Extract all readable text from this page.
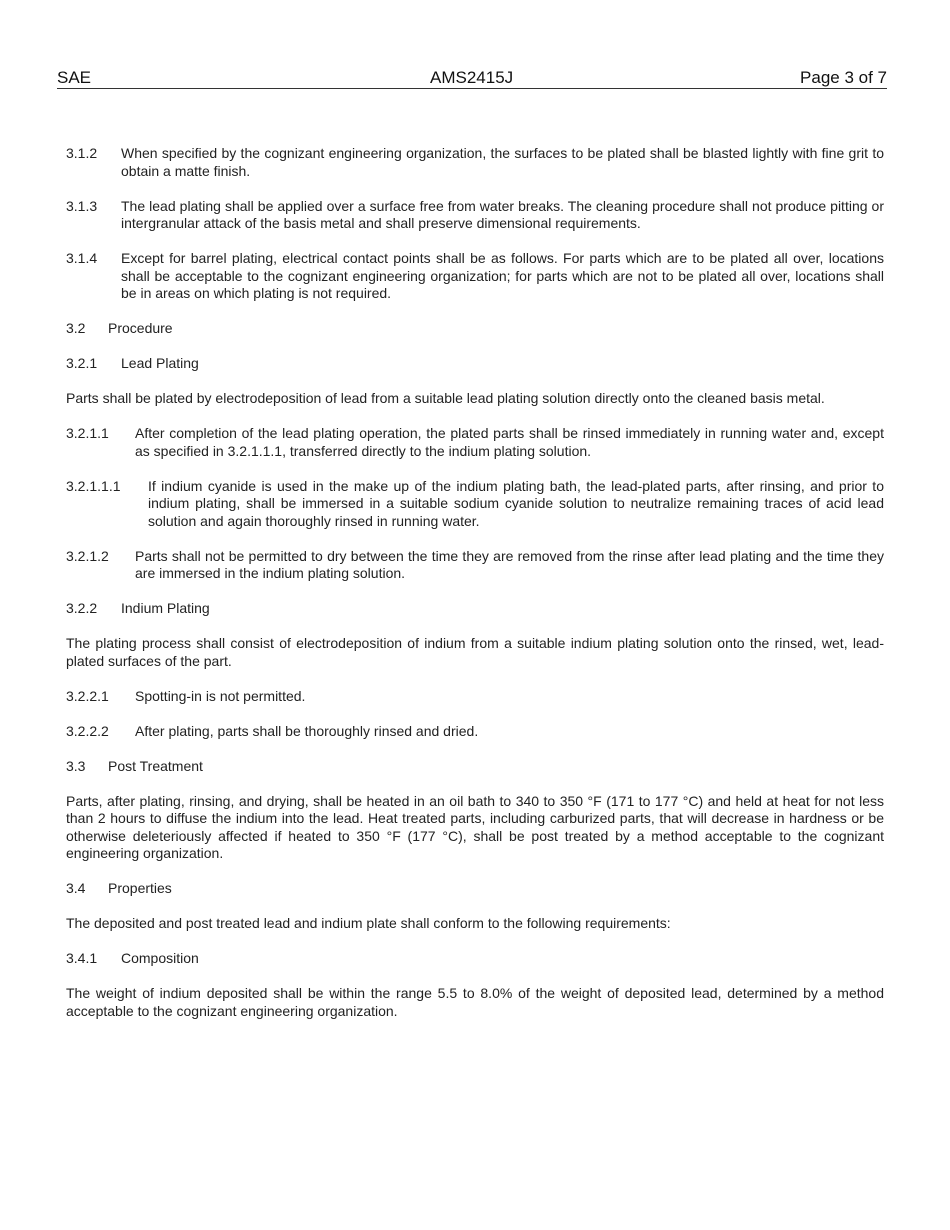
SAE	AMS2415J	Page 3 of 7
3.1.2 When specified by the cognizant engineering organization, the surfaces to be plated shall be blasted lightly with fine grit to obtain a matte finish.
3.1.3 The lead plating shall be applied over a surface free from water breaks. The cleaning procedure shall not produce pitting or intergranular attack of the basis metal and shall preserve dimensional requirements.
3.1.4 Except for barrel plating, electrical contact points shall be as follows. For parts which are to be plated all over, locations shall be acceptable to the cognizant engineering organization; for parts which are not to be plated all over, locations shall be in areas on which plating is not required.
3.2 Procedure
3.2.1 Lead Plating

Parts shall be plated by electrodeposition of lead from a suitable lead plating solution directly onto the cleaned basis metal.

3.2.1.1 After completion of the lead plating operation, the plated parts shall be rinsed immediately in running water and, except as specified in 3.2.1.1.1, transferred directly to the indium plating solution.
3.2.1.1.1 If indium cyanide is used in the make up of the indium plating bath, the lead-plated parts, after rinsing, and prior to indium plating, shall be immersed in a suitable sodium cyanide solution to neutralize remaining traces of acid lead solution and again thoroughly rinsed in running water.
3.2.1.2 Parts shall not be permitted to dry between the time they are removed from the rinse after lead plating and the time they are immersed in the indium plating solution.
3.2.2 Indium Plating

The plating process shall consist of electrodeposition of indium from a suitable indium plating solution onto the rinsed, wet, lead-plated surfaces of the part.

3.2.2.1 Spotting-in is not permitted.
3.2.2.2 After plating, parts shall be thoroughly rinsed and dried.
3.3 Post Treatment

Parts, after plating, rinsing, and drying, shall be heated in an oil bath to 340 to 350 °F (171 to 177 °C) and held at heat for not less than 2 hours to diffuse the indium into the lead. Heat treated parts, including carburized parts, that will decrease in hardness or be otherwise deleteriously affected if heated to 350 °F (177 °C), shall be post treated by a method acceptable to the cognizant engineering organization.

3.4 Properties

The deposited and post treated lead and indium plate shall conform to the following requirements:

3.4.1 Composition

The weight of indium deposited shall be within the range 5.5 to 8.0% of the weight of deposited lead, determined by a method acceptable to the cognizant engineering organization.
